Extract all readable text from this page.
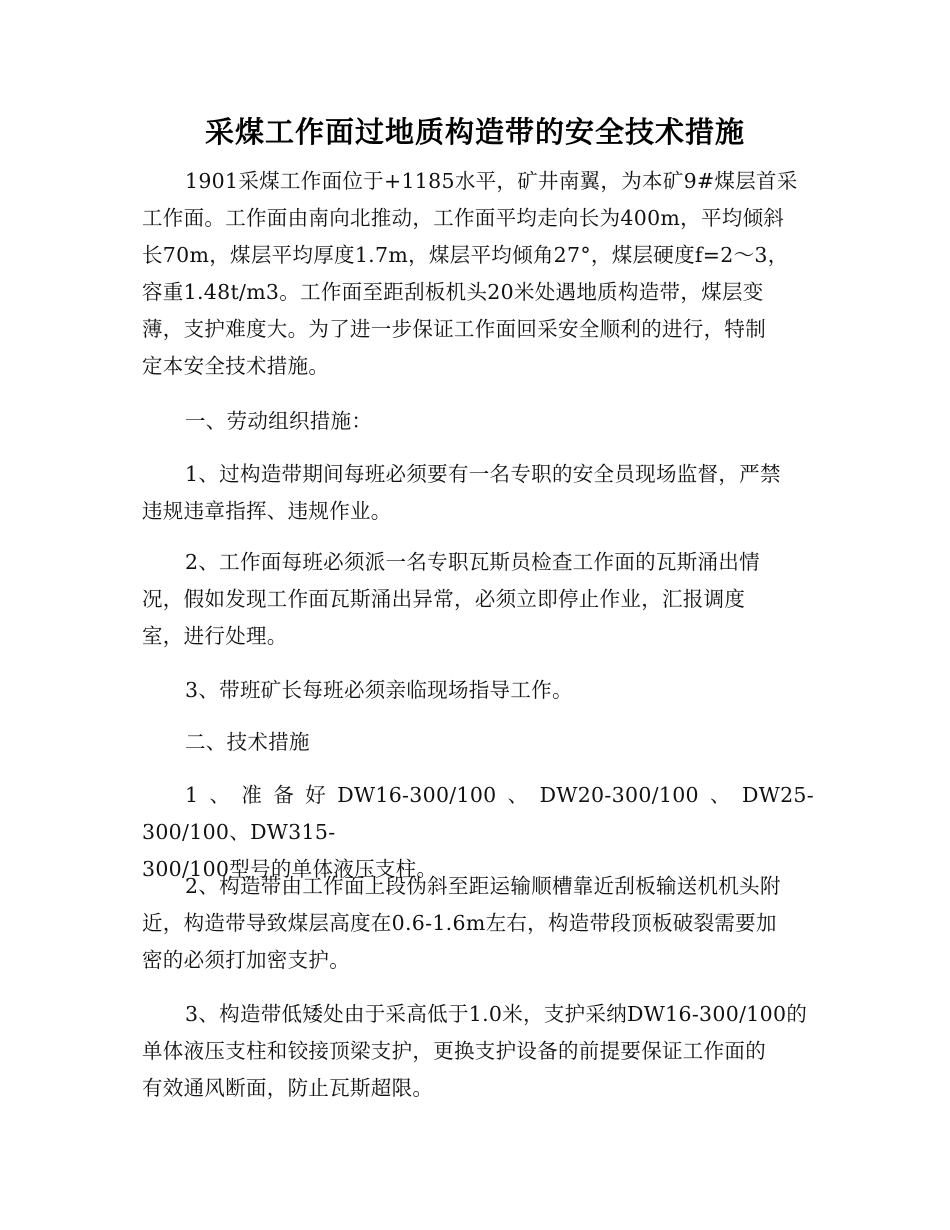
采煤工作面过地质构造带的安全技术措施

1901采煤工作面位于+1185水平，矿井南翼，为本矿9#煤层首采
工作面。工作面由南向北推动，工作面平均走向长为400m，平均倾斜
长70m，煤层平均厚度1.7m，煤层平均倾角27°，煤层硬度f=2～3，
容重1.48t/m3。工作面至距刮板机头20米处遇地质构造带，煤层变
薄，支护难度大。为了进一步保证工作面回采安全顺利的进行，特制
定本安全技术措施。

一、劳动组织措施：

1、过构造带期间每班必须要有一名专职的安全员现场监督，严禁
违规违章指挥、违规作业。

2、工作面每班必须派一名专职瓦斯员检查工作面的瓦斯涌出情
况，假如发现工作面瓦斯涌出异常，必须立即停止作业，汇报调度
室，进行处理。

3、带班矿长每班必须亲临现场指导工作。

二、技术措施

1、准备好DW16-300/100、DW20-300/100、DW25-300/100、DW315-
300/100型号的单体液压支柱。

2、构造带由工作面上段伪斜至距运输顺槽靠近刮板输送机机头附
近，构造带导致煤层高度在0.6-1.6m左右，构造带段顶板破裂需要加
密的必须打加密支护。

3、构造带低矮处由于采高低于1.0米，支护采纳DW16-300/100的
单体液压支柱和铰接顶梁支护，更换支护设备的前提要保证工作面的
有效通风断面，防止瓦斯超限。
